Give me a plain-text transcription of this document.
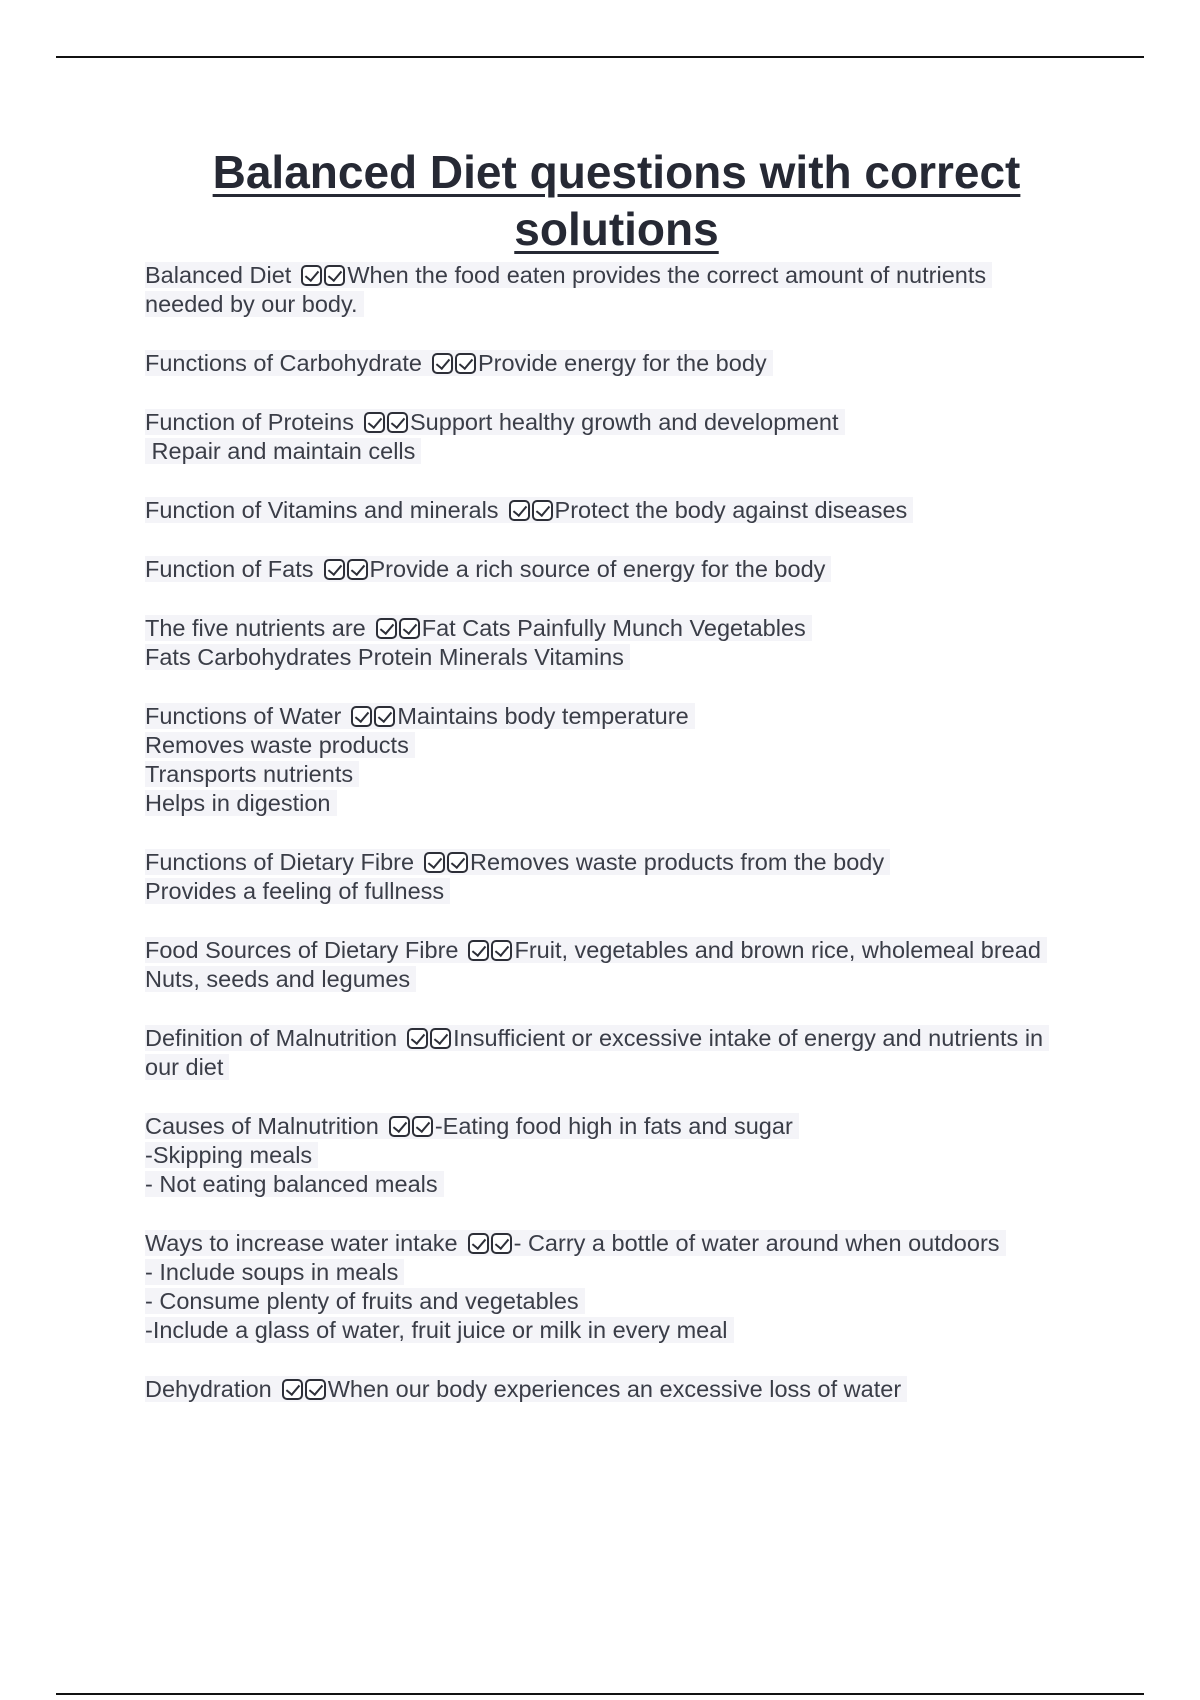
Balanced Diet questions with correct
solutions
Balanced Diet When the food eaten provides the correct amount of nutrients
needed by our body.
Functions of Carbohydrate Provide energy for the body
Function of Proteins Support healthy growth and development
Repair and maintain cells
Function of Vitamins and minerals Protect the body against diseases
Function of Fats Provide a rich source of energy for the body
The five nutrients are Fat Cats Painfully Munch Vegetables
Fats Carbohydrates Protein Minerals Vitamins
Functions of Water Maintains body temperature
Removes waste products
Transports nutrients
Helps in digestion
Functions of Dietary Fibre Removes waste products from the body
Provides a feeling of fullness
Food Sources of Dietary Fibre Fruit, vegetables and brown rice, wholemeal bread
Nuts, seeds and legumes
Definition of Malnutrition Insufficient or excessive intake of energy and nutrients in
our diet
Causes of Malnutrition -Eating food high in fats and sugar
-Skipping meals
- Not eating balanced meals
Ways to increase water intake - Carry a bottle of water around when outdoors
- Include soups in meals
- Consume plenty of fruits and vegetables
-Include a glass of water, fruit juice or milk in every meal
Dehydration When our body experiences an excessive loss of water
